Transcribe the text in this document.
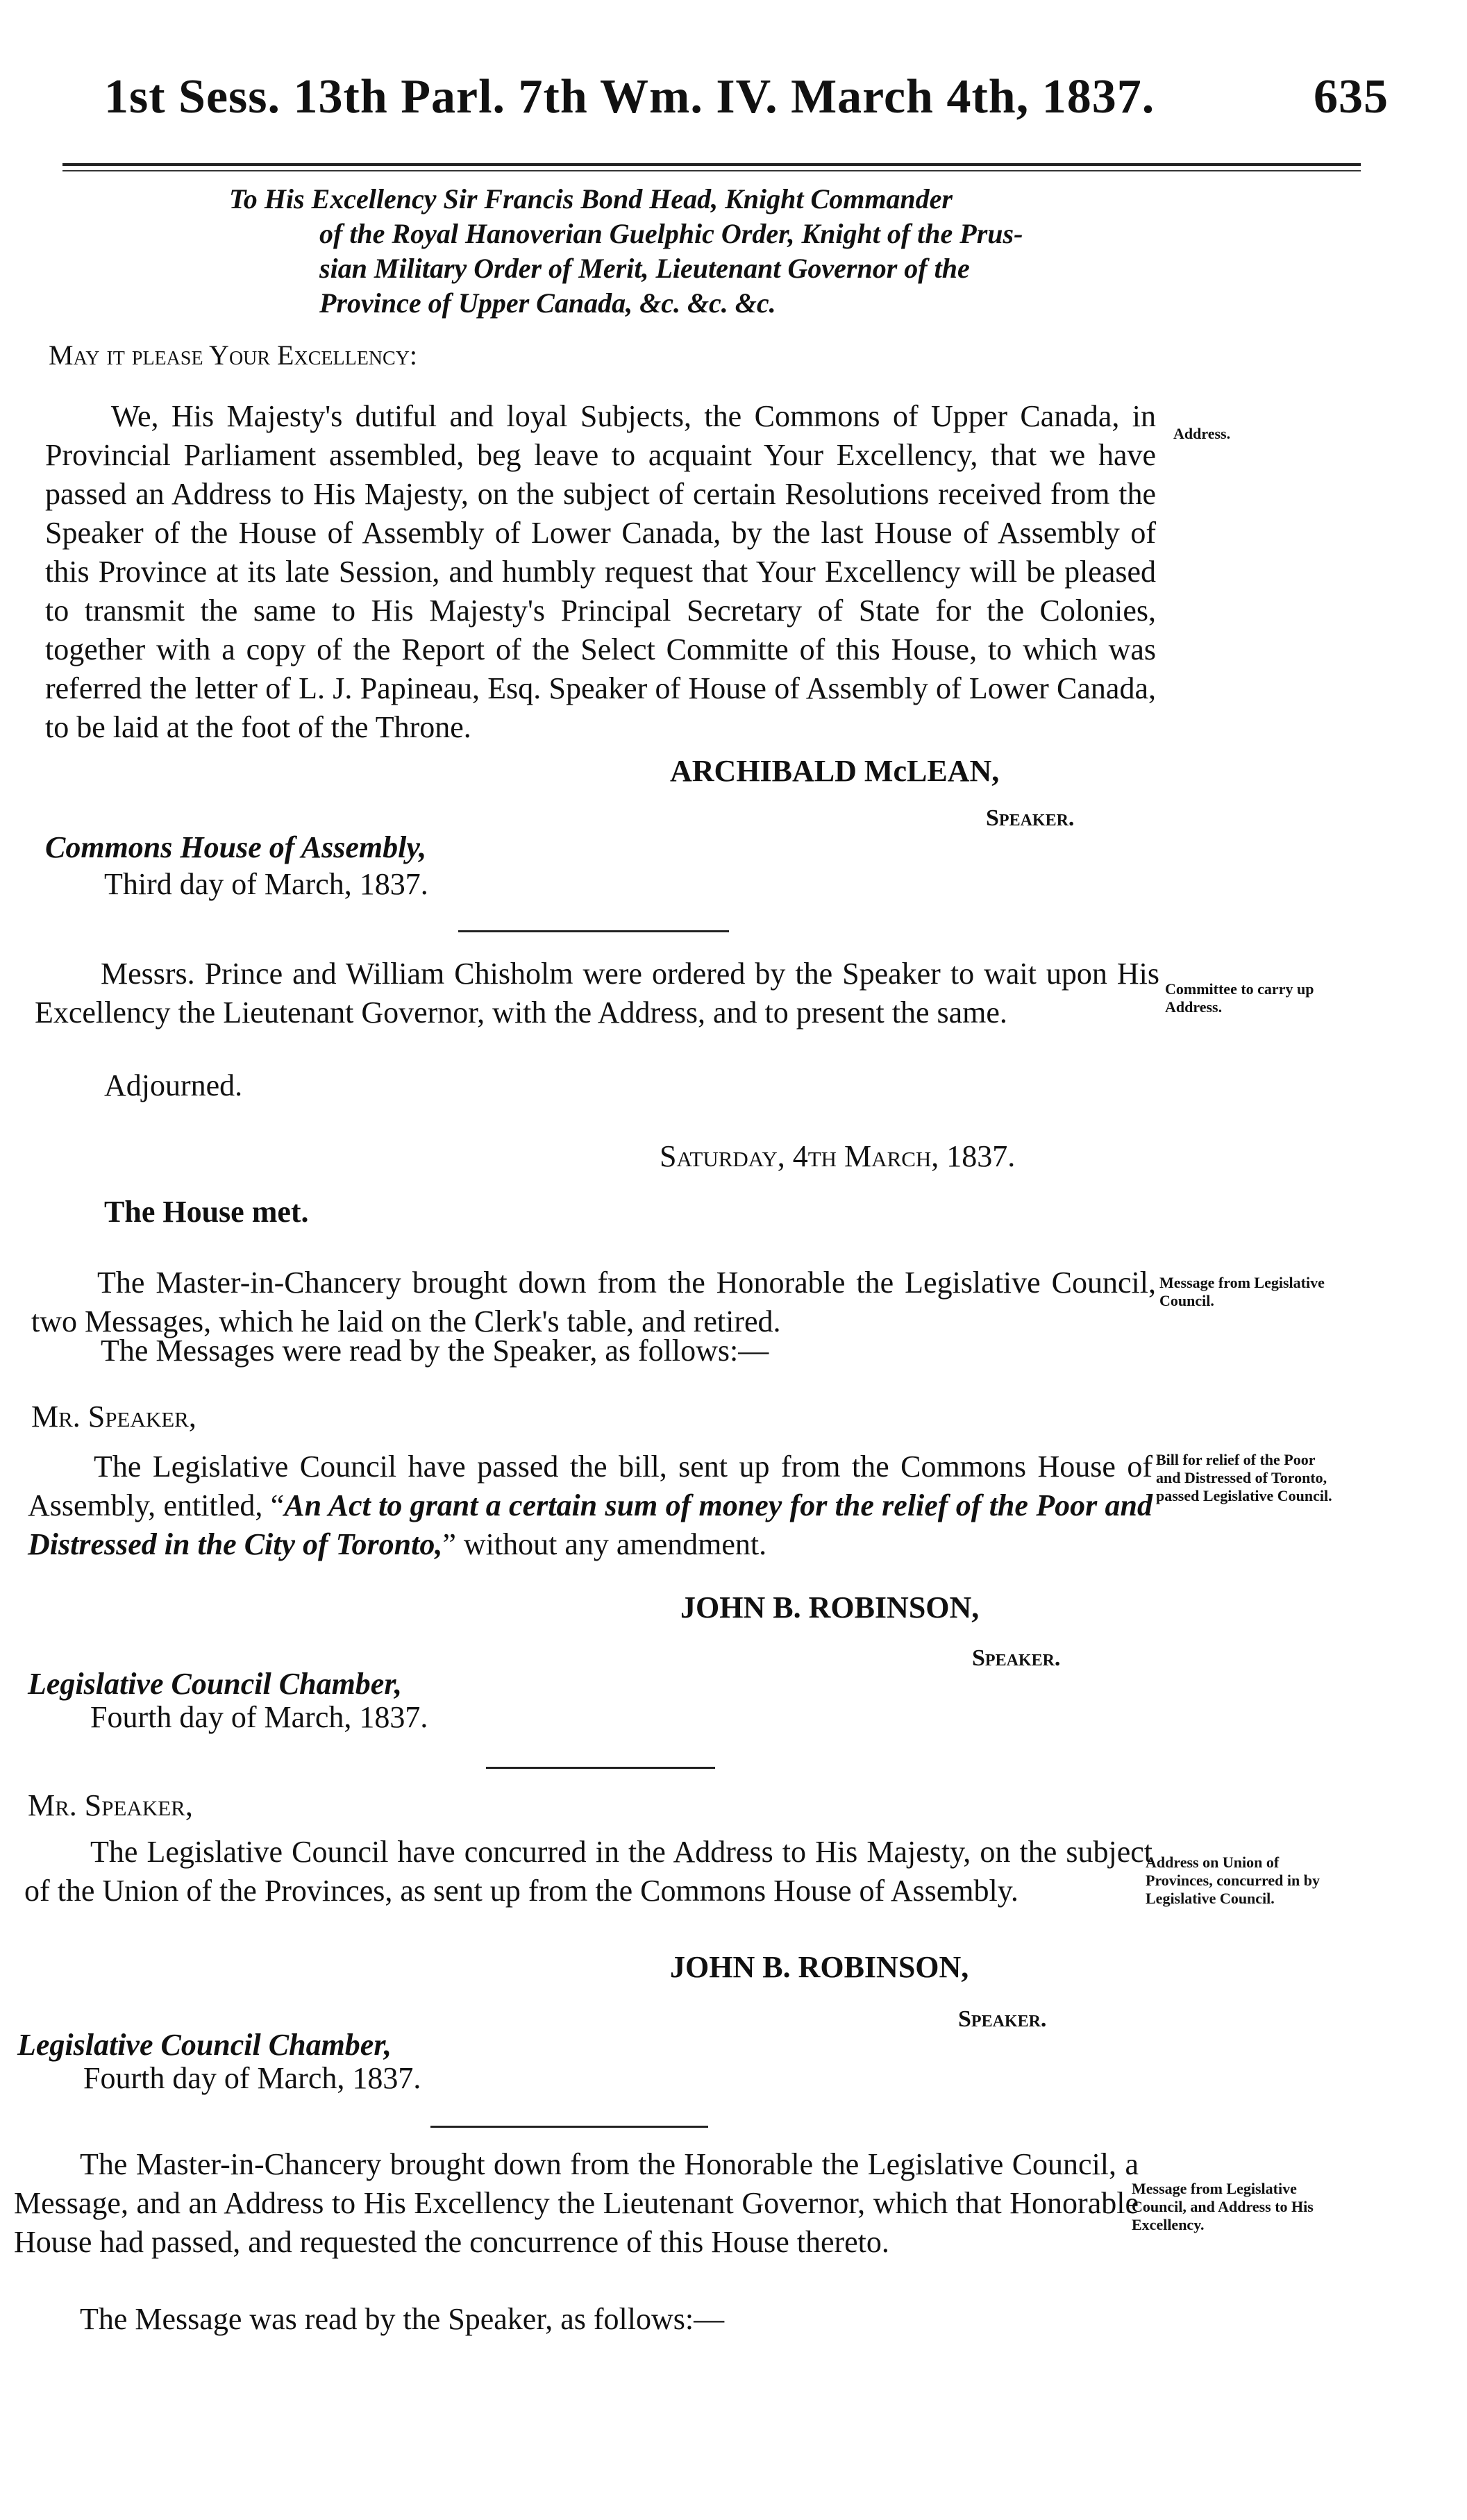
1st Sess. 13th Parl. 7th Wm. IV. March 4th, 1837.	635
To His Excellency Sir Francis Bond Head, Knight Commander
of the Royal Hanoverian Guelphic Order, Knight of the Prus-
sian Military Order of Merit, Lieutenant Governor of the
Province of Upper Canada, &c. &c. &c.
May it please Your Excellency:
We, His Majesty's dutiful and loyal Subjects, the Commons of Upper Canada, in Provincial Parliament assembled, beg leave to acquaint Your Excellency, that we have passed an Address to His Majesty, on the subject of certain Resolutions received from the Speaker of the House of Assembly of Lower Canada, by the last House of Assembly of this Province at its late Session, and humbly request that Your Excellency will be pleased to transmit the same to His Majesty's Principal Secretary of State for the Colonies, together with a copy of the Report of the Select Committe of this House, to which was referred the letter of L. J. Papineau, Esq. Speaker of House of Assembly of Lower Canada, to be laid at the foot of the Throne.
Address.
ARCHIBALD McLEAN,
Speaker.
Commons House of Assembly,
Third day of March, 1837.
Messrs. Prince and William Chisholm were ordered by the Speaker to wait upon His Excellency the Lieutenant Governor, with the Address, and to present the same.
Committee to carry up Address.
Adjourned.
Saturday, 4th March, 1837.
The House met.
The Master-in-Chancery brought down from the Honorable the Legislative Council, two Messages, which he laid on the Clerk's table, and retired.
Message from Legislative Council.
The Messages were read by the Speaker, as follows:—
Mr. Speaker,
The Legislative Council have passed the bill, sent up from the Commons House of Assembly, entitled, “An Act to grant a certain sum of money for the relief of the Poor and Distressed in the City of Toronto,” without any amendment.
Bill for relief of the Poor and Distressed of Toronto, passed Legislative Council.
JOHN B. ROBINSON,
Speaker.
Legislative Council Chamber,
Fourth day of March, 1837.
Mr. Speaker,
The Legislative Council have concurred in the Address to His Majesty, on the subject of the Union of the Provinces, as sent up from the Commons House of Assembly.
Address on Union of Provinces, concurred in by Legislative Council.
JOHN B. ROBINSON,
Speaker.
Legislative Council Chamber,
Fourth day of March, 1837.
The Master-in-Chancery brought down from the Honorable the Legislative Council, a Message, and an Address to His Excellency the Lieutenant Governor, which that Honorable House had passed, and requested the concurrence of this House thereto.
Message from Legislative Council, and Address to His Excellency.
The Message was read by the Speaker, as follows:—
